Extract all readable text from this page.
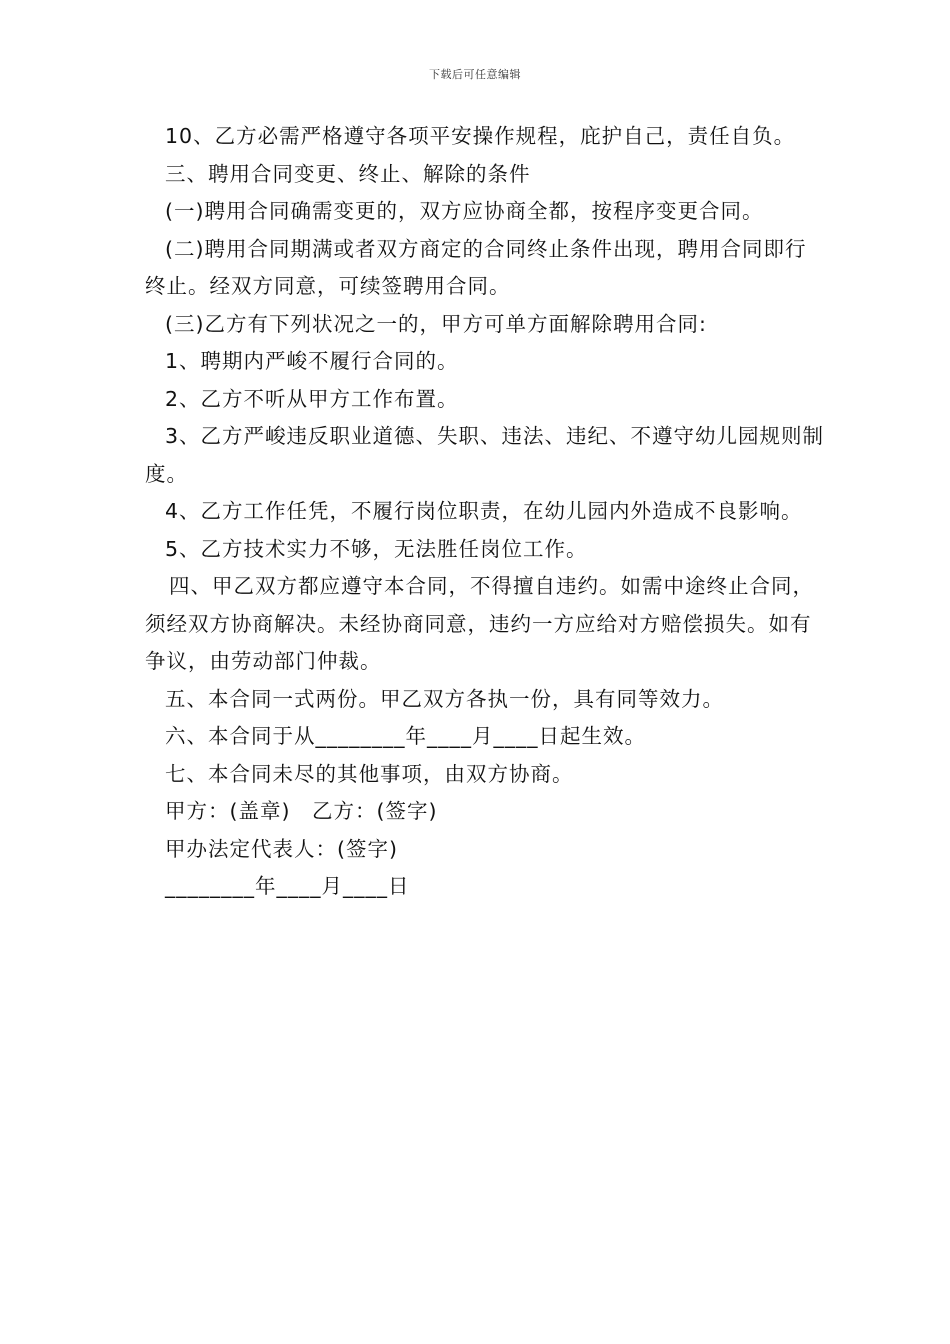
下载后可任意编辑

10、乙方必需严格遵守各项平安操作规程，庇护自己，责任自负。

三、聘用合同变更、终止、解除的条件

(一)聘用合同确需变更的，双方应协商全都，按程序变更合同。

(二)聘用合同期满或者双方商定的合同终止条件出现，聘用合同即行终止。经双方同意，可续签聘用合同。

(三)乙方有下列状况之一的，甲方可单方面解除聘用合同:

1、聘期内严峻不履行合同的。

2、乙方不听从甲方工作布置。

3、乙方严峻违反职业道德、失职、违法、违纪、不遵守幼儿园规则制度。

4、乙方工作任凭，不履行岗位职责，在幼儿园内外造成不良影响。

5、乙方技术实力不够，无法胜任岗位工作。

四、甲乙双方都应遵守本合同，不得擅自违约。如需中途终止合同，须经双方协商解决。未经协商同意，违约一方应给对方赔偿损失。如有争议，由劳动部门仲裁。

五、本合同一式两份。甲乙双方各执一份，具有同等效力。

六、本合同于从________年____月____日起生效。

七、本合同未尽的其他事项，由双方协商。

甲方：(盖章)　乙方：(签字)

甲办法定代表人：(签字)

________年____月____日
